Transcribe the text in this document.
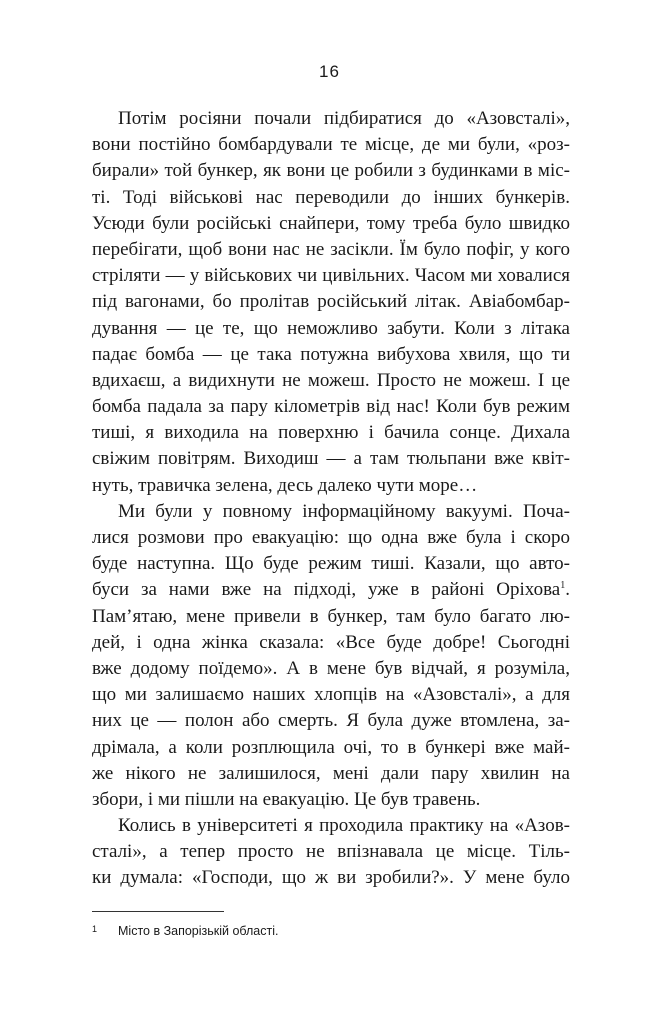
16
Потім росіяни почали підбиратися до «Азовсталі»,
вони постійно бомбардували те місце, де ми були, «роз-
бирали» той бункер, як вони це робили з будинками в міс-
ті. Тоді військові нас переводили до інших бункерів.
Усюди були російські снайпери, тому треба було швидко
перебігати, щоб вони нас не засікли. Їм було пофіг, у кого
стріляти — у військових чи цивільних. Часом ми ховалися
під вагонами, бо пролітав російський літак. Авіабомбар-
дування — це те, що неможливо забути. Коли з літака
падає бомба — це така потужна вибухова хвиля, що ти
вдихаєш, а видихнути не можеш. Просто не можеш. І це
бомба падала за пару кілометрів від нас! Коли був режим
тиші, я виходила на поверхню і бачила сонце. Дихала
свіжим повітрям. Виходиш — а там тюльпани вже квіт-
нуть, травичка зелена, десь далеко чути море…
Ми були у повному інформаційному вакуумі. Поча-
лися розмови про евакуацію: що одна вже була і скоро
буде наступна. Що буде режим тиші. Казали, що авто-
буси за нами вже на підході, уже в районі Оріхова$^1$.
Пам’ятаю, мене привели в бункер, там було багато лю-
дей, і одна жінка сказала: «Все буде добре! Сьогодні
вже додому поїдемо». А в мене був відчай, я розуміла,
що ми залишаємо наших хлопців на «Азовсталі», а для
них це — полон або смерть. Я була дуже втомлена, за-
дрімала, а коли розплющила очі, то в бункері вже май-
же нікого не залишилося, мені дали пару хвилин на
збори, і ми пішли на евакуацію. Це був травень.
Колись в університеті я проходила практику на «Азов-
сталі», а тепер просто не впізнавала це місце. Тіль-
ки думала: «Господи, що ж ви зробили?». У мене було
1 Місто в Запорізькій області.
